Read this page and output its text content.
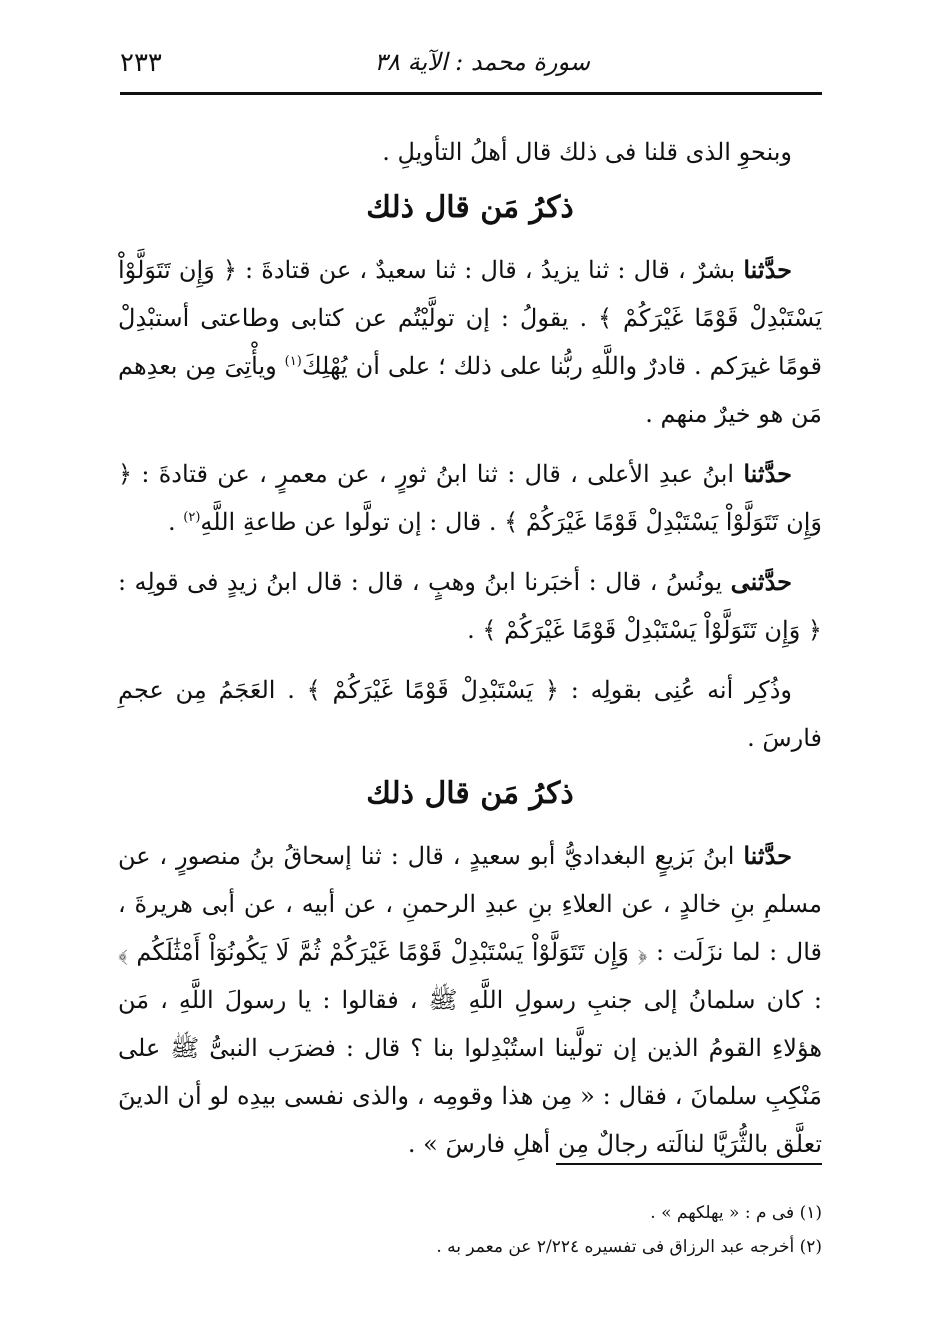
سورة محمد : الآية ٣٨
٢٣٣

وبنحوِ الذى قلنا فى ذلك قال أهلُ التأويلِ .

ذكرُ مَن قال ذلك

حدَّثنا بشرٌ ، قال : ثنا يزيدُ ، قال : ثنا سعيدٌ ، عن قتادةَ : ﴿ وَإِن تَتَوَلَّوْاْ يَسْتَبْدِلْ قَوْمًا غَيْرَكُمْ ﴾ . يقولُ : إن تولَّيْتُم عن كتابى وطاعتى أستبْدِلْ قومًا غيرَكم . قادرٌ واللَّهِ ربُّنا على ذلك ؛ على أن يُهْلِكَ$^{(١)}$ ويأْتِىَ مِن بعدِهم مَن هو خيرٌ منهم .

حدَّثنا ابنُ عبدِ الأعلى ، قال : ثنا ابنُ ثورٍ ، عن معمرٍ ، عن قتادةَ : ﴿ وَإِن تَتَوَلَّوْاْ يَسْتَبْدِلْ قَوْمًا غَيْرَكُمْ ﴾ . قال : إن تولَّوا عن طاعةِ اللَّهِ$^{(٢)}$ .

حدَّثنى يونُسُ ، قال : أخبَرنا ابنُ وهبٍ ، قال : قال ابنُ زيدٍ فى قولِه : ﴿ وَإِن تَتَوَلَّوْاْ يَسْتَبْدِلْ قَوْمًا غَيْرَكُمْ ﴾ .

وذُكِر أنه عُنِى بقولِه : ﴿ يَسْتَبْدِلْ قَوْمًا غَيْرَكُمْ ﴾ . العَجَمُ مِن عجمِ فارسَ .

ذكرُ مَن قال ذلك

حدَّثنا ابنُ بَزيعٍ البغداديُّ أبو سعيدٍ ، قال : ثنا إسحاقُ بنُ منصورٍ ، عن مسلمِ بنِ خالدٍ ، عن العلاءِ بنِ عبدِ الرحمنِ ، عن أبيه ، عن أبى هريرةَ ، قال : لما نزَلَت : ﴿ وَإِن تَتَوَلَّوْاْ يَسْتَبْدِلْ قَوْمًا غَيْرَكُمْ ثُمَّ لَا يَكُونُوٓاْ أَمْثَٰلَكُم ﴾ : كان سلمانُ إلى جنبِ رسولِ اللَّهِ ﷺ ، فقالوا : يا رسولَ اللَّهِ ، مَن هؤلاءِ القومُ الذين إن تولَّينا استُبْدِلوا بنا ؟ قال : فضرَب النبىُّ ﷺ على مَنْكِبِ سلمانَ ، فقال : « مِن هذا وقومِه ، والذى نفسى بيدِه لو أن الدينَ تعلَّق بالثُّرَيَّا لنالَته رجالٌ مِن أهلِ فارسَ » .

(١) فى م : « يهلكهم » .

(٢) أخرجه عبد الرزاق فى تفسيره ٢/٢٢٤ عن معمر به .
